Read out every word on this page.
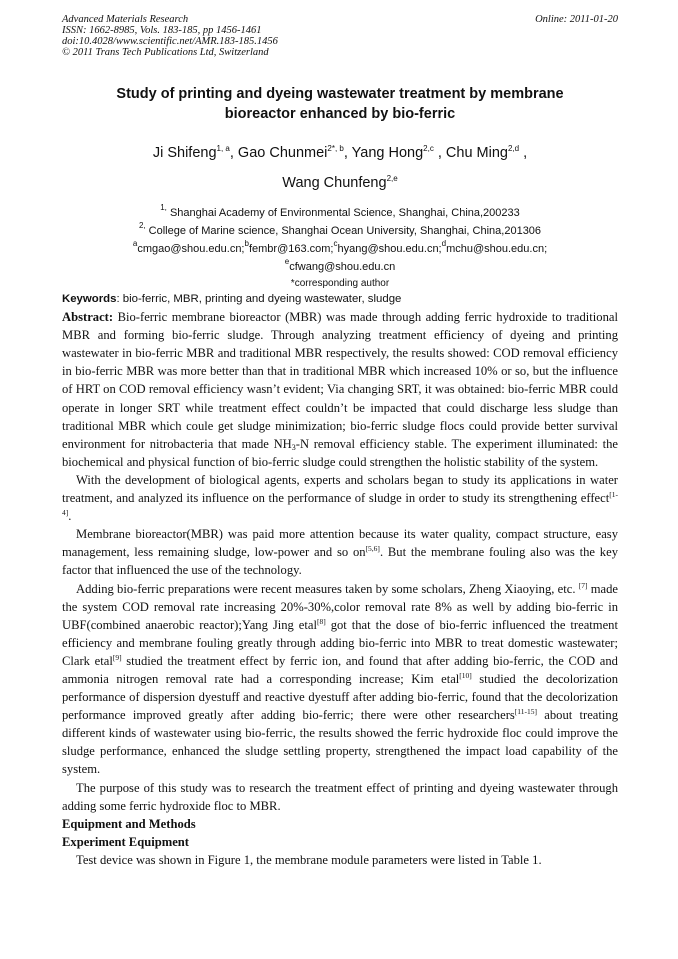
Advanced Materials Research
ISSN: 1662-8985, Vols. 183-185, pp 1456-1461
doi:10.4028/www.scientific.net/AMR.183-185.1456
© 2011 Trans Tech Publications Ltd, Switzerland
Online: 2011-01-20
Study of printing and dyeing wastewater treatment by membrane
bioreactor enhanced by bio-ferric
Ji Shifeng$^{1, a}$, Gao Chunmei$^{2*, b}$, Yang Hong$^{2,c}$ , Chu Ming$^{2,d}$ ,
Wang Chunfeng$^{2,e}$
$^{1,}$ Shanghai Academy of Environmental Science, Shanghai, China,200233
$^{2,}$ College of Marine science, Shanghai Ocean University, Shanghai, China,201306
$^a$cmgao@shou.edu.cn;$^b$fembr@163.com;$^c$hyang@shou.edu.cn;$^d$mchu@shou.edu.cn;
$^e$cfwang@shou.edu.cn
*corresponding author

Keywords: bio-ferric, MBR, printing and dyeing wastewater, sludge

Abstract: Bio-ferric membrane bioreactor (MBR) was made through adding ferric hydroxide to traditional MBR and forming bio-ferric sludge. Through analyzing treatment efficiency of dyeing and printing wastewater in bio-ferric MBR and traditional MBR respectively, the results showed: COD removal efficiency in bio-ferric MBR was more better than that in traditional MBR which increased 10% or so, but the influence of HRT on COD removal efficiency wasn’t evident; Via changing SRT, it was obtained: bio-ferric MBR could operate in longer SRT while treatment effect couldn’t be impacted that could discharge less sludge than traditional MBR which coule get sludge minimization; bio-ferric sludge flocs could provide better survival environment for nitrobacteria that made $NH_3-N$ removal efficiency stable. The experiment illuminated: the biochemical and physical function of bio-ferric sludge could strengthen the holistic stability of the system.

With the development of biological agents, experts and scholars began to study its applications in water treatment, and analyzed its influence on the performance of sludge in order to study its strengthening effect[1-4].

Membrane bioreactor(MBR) was paid more attention because its water quality, compact structure, easy management, less remaining sludge, low-power and so on[5,6]. But the membrane fouling also was the key factor that influenced the use of the technology.

Adding bio-ferric preparations were recent measures taken by some scholars, Zheng Xiaoying, etc. [7] made the system COD removal rate increasing 20%-30%,color removal rate 8% as well by adding bio-ferric in UBF(combined anaerobic reactor);Yang Jing etal[8] got that the dose of bio-ferric influenced the treatment efficiency and membrane fouling greatly through adding bio-ferric into MBR to treat domestic wastewater; Clark etal[9] studied the treatment effect by ferric ion, and found that after adding bio-ferric, the COD and ammonia nitrogen removal rate had a corresponding increase; Kim etal[10] studied the decolorization performance of dispersion dyestuff and reactive dyestuff after adding bio-ferric, found that the decolorization performance improved greatly after adding bio-ferric; there were other researchers[11-15] about treating different kinds of wastewater using bio-ferric, the results showed the ferric hydroxide floc could improve the sludge performance, enhanced the sludge settling property, strengthened the impact load capability of the system.

The purpose of this study was to research the treatment effect of printing and dyeing wastewater through adding some ferric hydroxide floc to MBR.

Equipment and Methods

Experiment Equipment

Test device was shown in Figure 1, the membrane module parameters were listed in Table 1.
